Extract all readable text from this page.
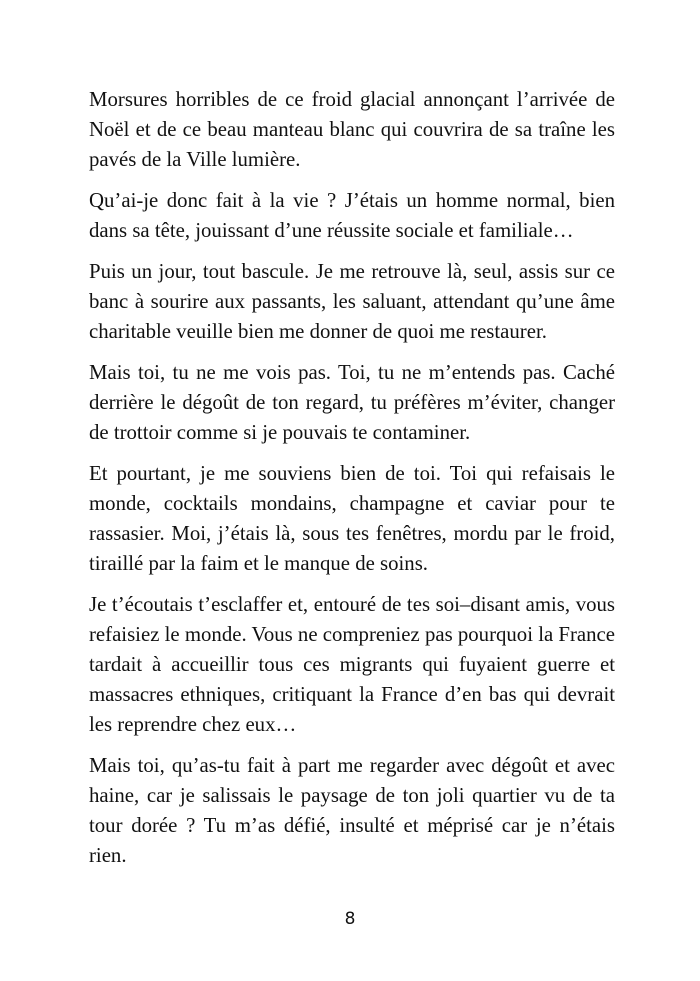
Morsures horribles de ce froid glacial annonçant l’arrivée de Noël et de ce beau manteau blanc qui couvrira de sa traîne les pavés de la Ville lumière.

Qu’ai-je donc fait à la vie ? J’étais un homme normal, bien dans sa tête, jouissant d’une réussite sociale et familiale…

Puis un jour, tout bascule. Je me retrouve là, seul, assis sur ce banc à sourire aux passants, les saluant, attendant qu’une âme charitable veuille bien me donner de quoi me restaurer.

Mais toi, tu ne me vois pas. Toi, tu ne m’entends pas. Caché derrière le dégoût de ton regard, tu préfères m’éviter, changer de trottoir comme si je pouvais te contaminer.

Et pourtant, je me souviens bien de toi. Toi qui refaisais le monde, cocktails mondains, champagne et caviar pour te rassasier. Moi, j’étais là, sous tes fenêtres, mordu par le froid, tiraillé par la faim et le manque de soins.

Je t’écoutais t’esclaffer et, entouré de tes soi–disant amis, vous refaisiez le monde. Vous ne compreniez pas pourquoi la France tardait à accueillir tous ces migrants qui fuyaient guerre et massacres ethniques, critiquant la France d’en bas qui devrait les reprendre chez eux…

Mais toi, qu’as-tu fait à part me regarder avec dégoût et avec haine, car je salissais le paysage de ton joli quartier vu de ta tour dorée ? Tu m’as défié, insulté et méprisé car je n’étais rien.

8
